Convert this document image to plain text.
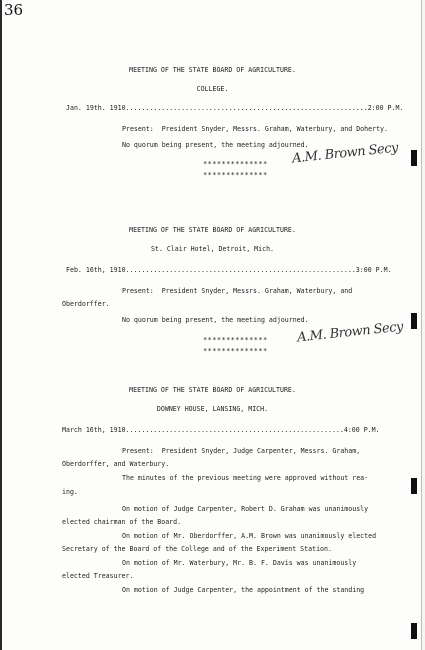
36
MEETING OF THE STATE BOARD OF AGRICULTURE.
COLLEGE.
Jan. 19th. 1910.............................................................2:00 P.M.
Present:  President Snyder, Messrs. Graham, Waterbury, and Doherty.
No quorum being present, the meeting adjourned.
A.M. Brown Secy
**************
**************
MEETING OF THE STATE BOARD OF AGRICULTURE.
St. Clair Hotel, Detroit, Mich.
Feb. 16th, 1910..........................................................3:00 P.M.
Present:  President Snyder, Messrs. Graham, Waterbury, and
Oberdorffer.
No quorum being present, the meeting adjourned.
A.M. Brown Secy
**************
**************
MEETING OF THE STATE BOARD OF AGRICULTURE.
DOWNEY HOUSE, LANSING, MICH.
March 16th, 1910.......................................................4:00 P.M.
Present:  President Snyder, Judge Carpenter, Messrs. Graham,
Oberdorffer, and Waterbury.
The minutes of the previous meeting were approved without rea-
ing.
On motion of Judge Carpenter, Robert D. Graham was unanimously
elected chairman of the Board.
On motion of Mr. Oberdorffer, A.M. Brown was unanimously elected
Secretary of the Board of the College and of the Experiment Station.
On motion of Mr. Waterbury, Mr. B. F. Davis was unanimously
elected Treasurer.
On motion of Judge Carpenter, the appointment of the standing
